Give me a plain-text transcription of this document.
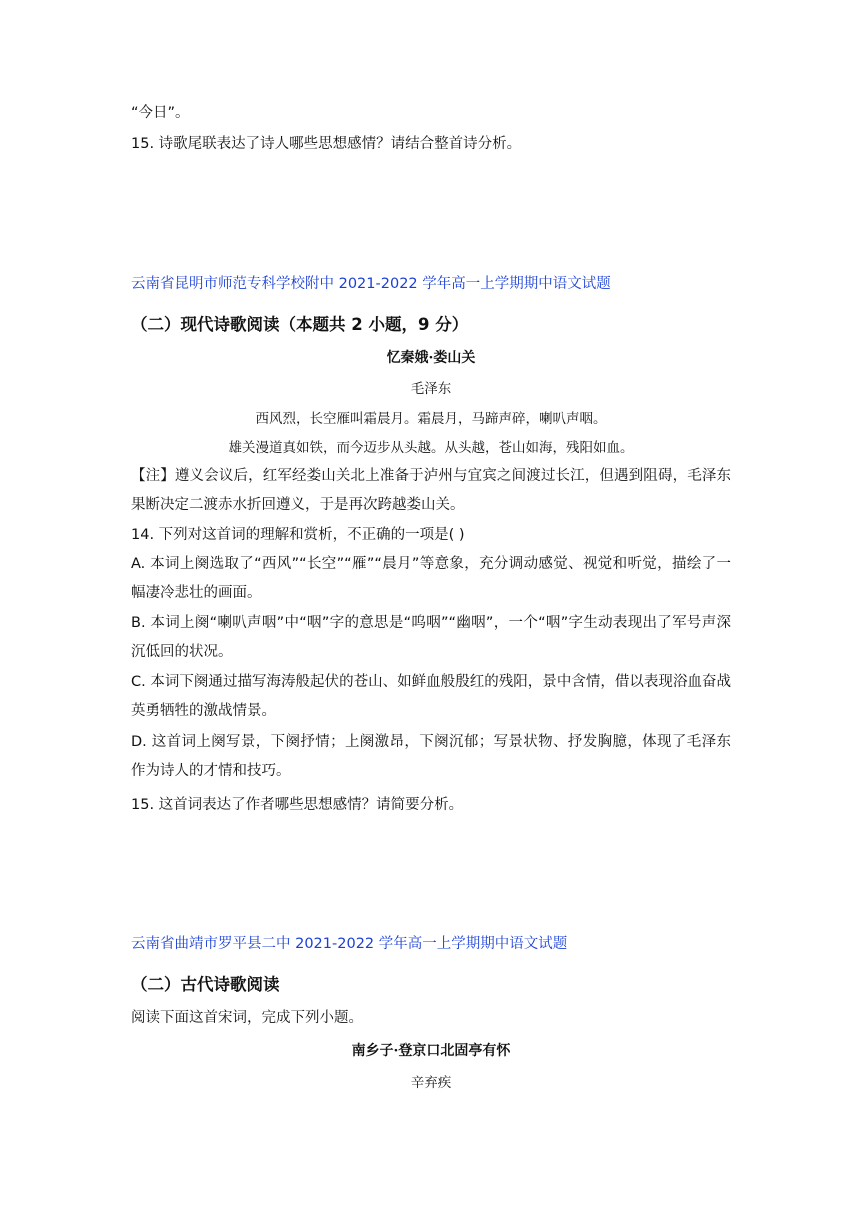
“今日”。
15. 诗歌尾联表达了诗人哪些思想感情？请结合整首诗分析。
云南省昆明市师范专科学校附中 2021-2022 学年高一上学期期中语文试题
（二）现代诗歌阅读（本题共 2 小题，9 分）
忆秦娥·娄山关
毛泽东
西风烈，长空雁叫霜晨月。霜晨月，马蹄声碎，喇叭声咽。
雄关漫道真如铁，而今迈步从头越。从头越，苍山如海，残阳如血。
【注】遵义会议后，红军经娄山关北上准备于泸州与宜宾之间渡过长江，但遇到阻碍，毛泽东果断决定二渡赤水折回遵义，于是再次跨越娄山关。
14. 下列对这首词的理解和赏析，不正确的一项是( )
A. 本词上阕选取了“西风”“长空”“雁”“晨月”等意象，充分调动感觉、视觉和听觉，描绘了一幅凄冷悲壮的画面。
B. 本词上阕“喇叭声咽”中“咽”字的意思是“呜咽”“幽咽”，一个“咽”字生动表现出了军号声深沉低回的状况。
C. 本词下阕通过描写海涛般起伏的苍山、如鲜血般殷红的残阳，景中含情，借以表现浴血奋战英勇牺牲的激战情景。
D. 这首词上阕写景，下阕抒情；上阕激昂，下阕沉郁；写景状物、抒发胸臆，体现了毛泽东作为诗人的才情和技巧。
15. 这首词表达了作者哪些思想感情？请简要分析。
云南省曲靖市罗平县二中 2021-2022 学年高一上学期期中语文试题
（二）古代诗歌阅读
阅读下面这首宋词，完成下列小题。
南乡子·登京口北固亭有怀
辛弃疾
